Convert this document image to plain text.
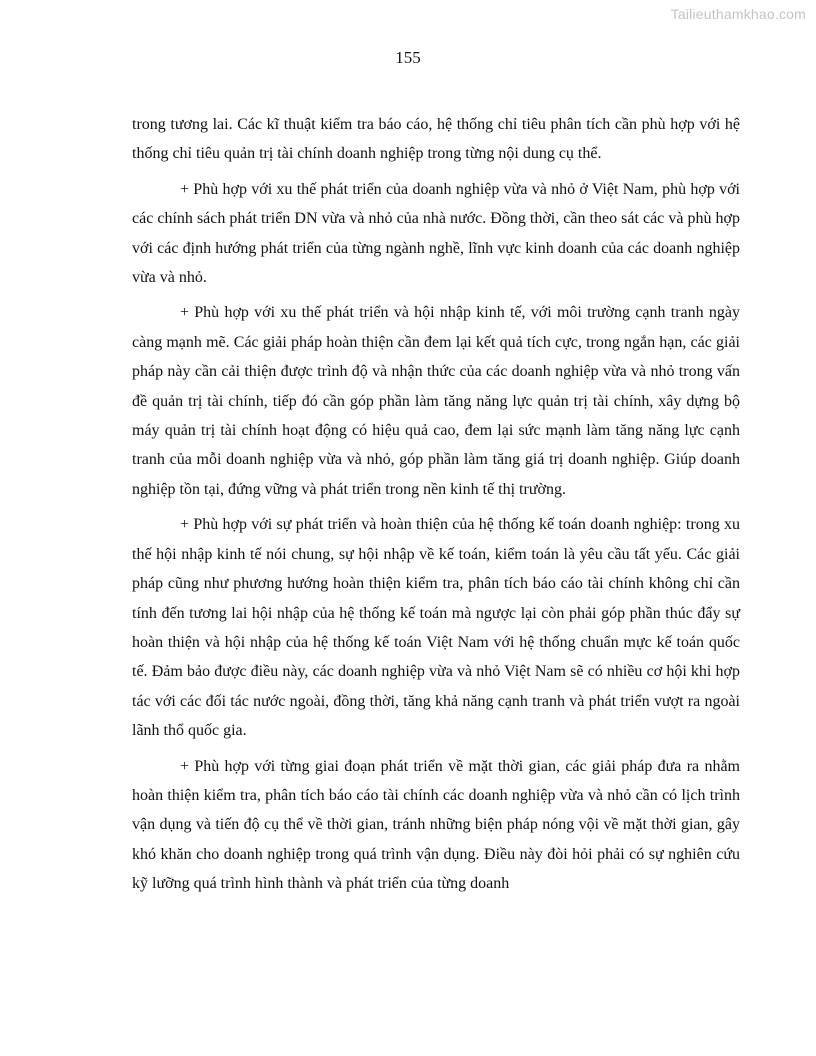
Tailieuthamkhao.com
155

trong tương lai. Các kĩ thuật kiểm tra báo cáo, hệ thống chỉ tiêu phân tích cần phù hợp với hệ thống chỉ tiêu quản trị tài chính doanh nghiệp trong từng nội dung cụ thể.

+ Phù hợp với xu thế phát triển của doanh nghiệp vừa và nhỏ ở Việt Nam, phù hợp với các chính sách phát triển DN vừa và nhỏ của nhà nước. Đồng thời, cần theo sát các và phù hợp với các định hướng phát triển của từng ngành nghề, lĩnh vực kinh doanh của các doanh nghiệp vừa và nhỏ.

+ Phù hợp với xu thế phát triển và hội nhập kinh tế, với môi trường cạnh tranh ngày càng mạnh mẽ. Các giải pháp hoàn thiện cần đem lại kết quả tích cực, trong ngắn hạn, các giải pháp này cần cải thiện được trình độ và nhận thức của các doanh nghiệp vừa và nhỏ trong vấn đề quản trị tài chính, tiếp đó cần góp phần làm tăng năng lực quản trị tài chính, xây dựng bộ máy quản trị tài chính hoạt động có hiệu quả cao, đem lại sức mạnh làm tăng năng lực cạnh tranh của mỗi doanh nghiệp vừa và nhỏ, góp phần làm tăng giá trị doanh nghiệp. Giúp doanh nghiệp tồn tại, đứng vững và phát triển trong nền kinh tế thị trường.

+ Phù hợp với sự phát triển và hoàn thiện của hệ thống kế toán doanh nghiệp: trong xu thế hội nhập kinh tế nói chung, sự hội nhập về kế toán, kiểm toán là yêu cầu tất yếu. Các giải pháp cũng như phương hướng hoàn thiện kiểm tra, phân tích báo cáo tài chính không chỉ cần tính đến tương lai hội nhập của hệ thống kế toán mà ngược lại còn phải góp phần thúc đẩy sự hoàn thiện và hội nhập của hệ thống kế toán Việt Nam với hệ thống chuẩn mực kế toán quốc tế. Đảm bảo được điều này, các doanh nghiệp vừa và nhỏ Việt Nam sẽ có nhiều cơ hội khi hợp tác với các đối tác nước ngoài, đồng thời, tăng khả năng cạnh tranh và phát triển vượt ra ngoài lãnh thổ quốc gia.

+ Phù hợp với từng giai đoạn phát triển về mặt thời gian, các giải pháp đưa ra nhằm hoàn thiện kiểm tra, phân tích báo cáo tài chính các doanh nghiệp vừa và nhỏ cần có lịch trình vận dụng và tiến độ cụ thể về thời gian, tránh những biện pháp nóng vội về mặt thời gian, gây khó khăn cho doanh nghiệp trong quá trình vận dụng. Điều này đòi hỏi phải có sự nghiên cứu kỹ lưỡng quá trình hình thành và phát triển của từng doanh
